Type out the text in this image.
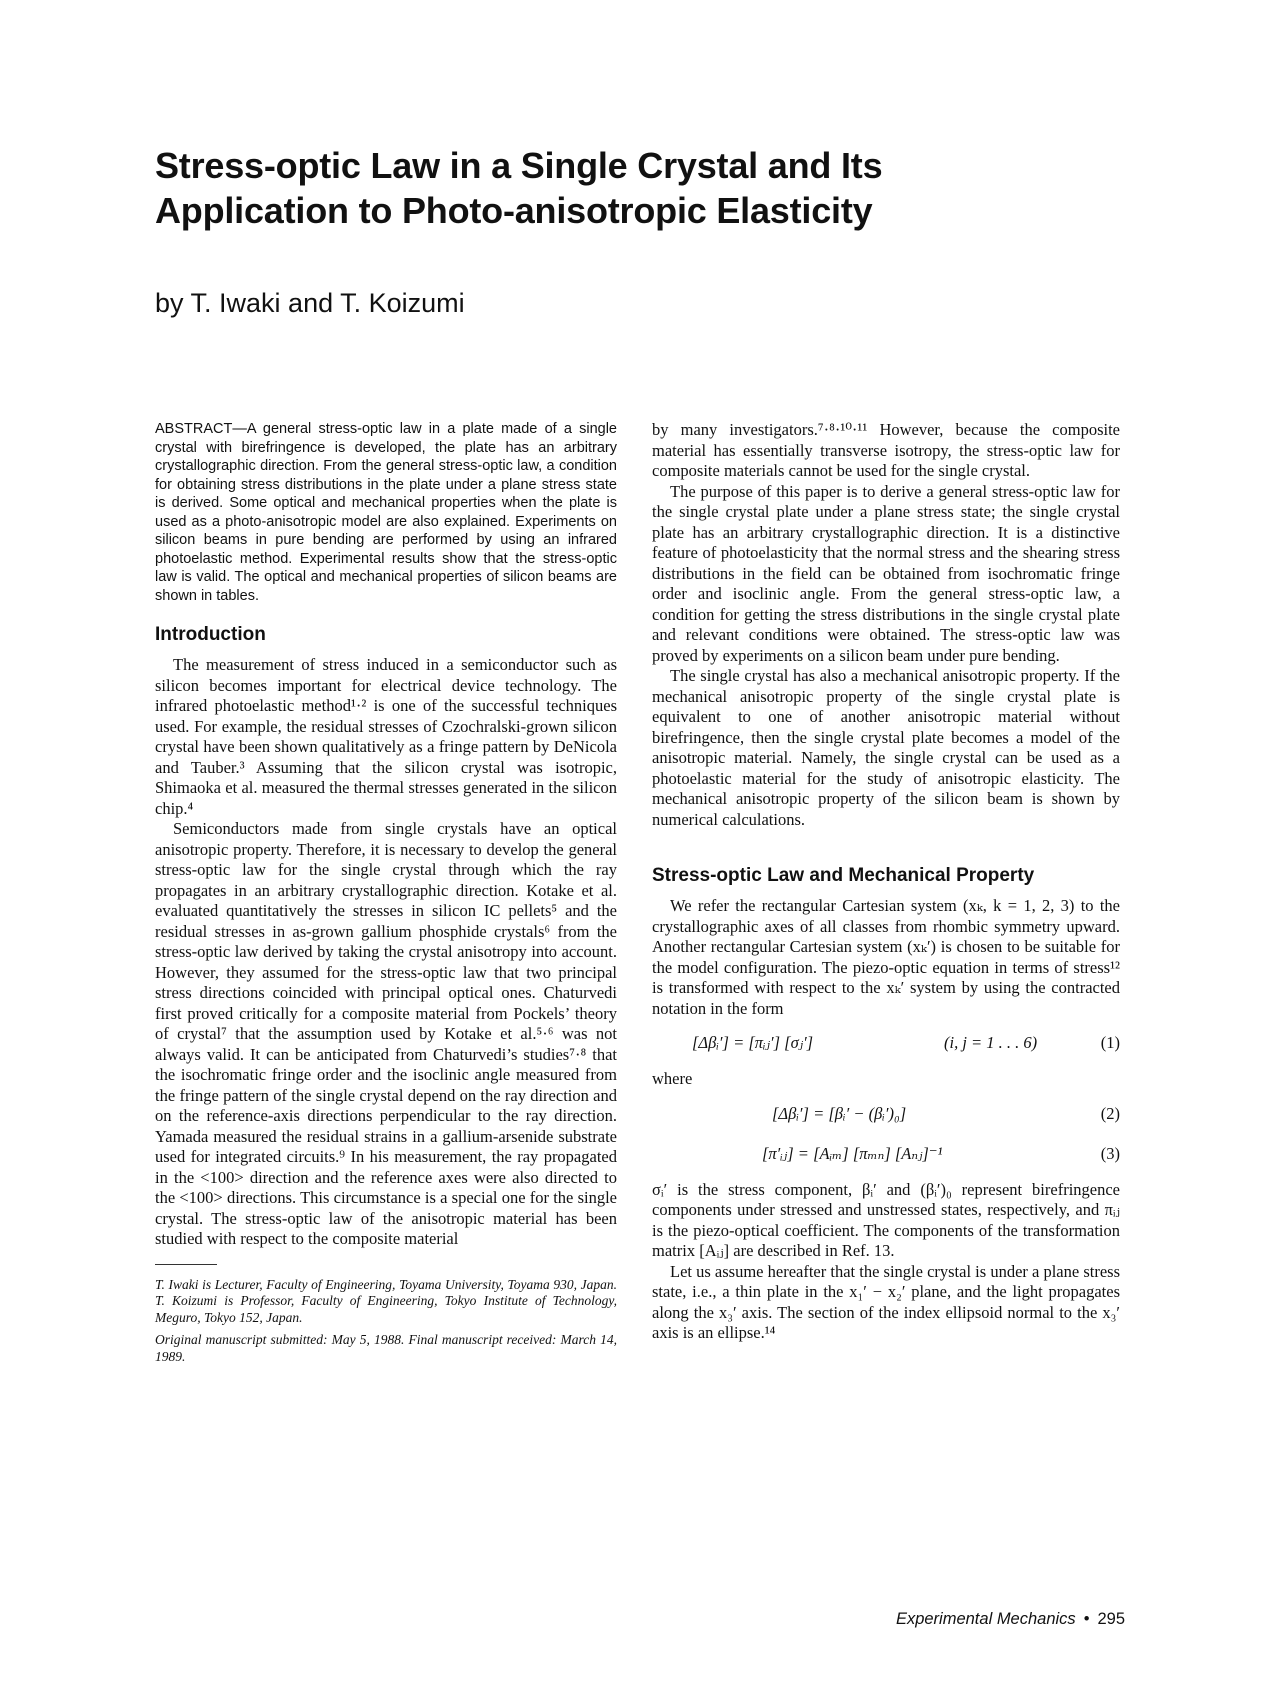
Stress-optic Law in a Single Crystal and Its
Application to Photo-anisotropic Elasticity

by T. Iwaki and T. Koizumi

ABSTRACT—A general stress-optic law in a plate made of a single crystal with birefringence is developed, the plate has an arbitrary crystallographic direction. From the general stress-optic law, a condition for obtaining stress distributions in the plate under a plane stress state is derived. Some optical and mechanical properties when the plate is used as a photo-anisotropic model are also explained. Experiments on silicon beams in pure bending are performed by using an infrared photoelastic method. Experimental results show that the stress-optic law is valid. The optical and mechanical properties of silicon beams are shown in tables.

Introduction

The measurement of stress induced in a semiconductor such as silicon becomes important for electrical device technology. The infrared photoelastic method¹·² is one of the successful techniques used. For example, the residual stresses of Czochralski-grown silicon crystal have been shown qualitatively as a fringe pattern by DeNicola and Tauber.³ Assuming that the silicon crystal was isotropic, Shimaoka et al. measured the thermal stresses generated in the silicon chip.⁴

Semiconductors made from single crystals have an optical anisotropic property. Therefore, it is necessary to develop the general stress-optic law for the single crystal through which the ray propagates in an arbitrary crystallographic direction. Kotake et al. evaluated quantitatively the stresses in silicon IC pellets⁵ and the residual stresses in as-grown gallium phosphide crystals⁶ from the stress-optic law derived by taking the crystal anisotropy into account. However, they assumed for the stress-optic law that two principal stress directions coincided with principal optical ones. Chaturvedi first proved critically for a composite material from Pockels’ theory of crystal⁷ that the assumption used by Kotake et al.⁵·⁶ was not always valid. It can be anticipated from Chaturvedi’s studies⁷·⁸ that the isochromatic fringe order and the isoclinic angle measured from the fringe pattern of the single crystal depend on the ray direction and on the reference-axis directions perpendicular to the ray direction. Yamada measured the residual strains in a gallium-arsenide substrate used for integrated circuits.⁹ In his measurement, the ray propagated in the <100> direction and the reference axes were also directed to the <100> directions. This circumstance is a special one for the single crystal. The stress-optic law of the anisotropic material has been studied with respect to the composite material

T. Iwaki is Lecturer, Faculty of Engineering, Toyama University, Toyama 930, Japan. T. Koizumi is Professor, Faculty of Engineering, Tokyo Institute of Technology, Meguro, Tokyo 152, Japan.

Original manuscript submitted: May 5, 1988. Final manuscript received: March 14, 1989.

by many investigators.⁷·⁸·¹⁰·¹¹ However, because the composite material has essentially transverse isotropy, the stress-optic law for composite materials cannot be used for the single crystal.

The purpose of this paper is to derive a general stress-optic law for the single crystal plate under a plane stress state; the single crystal plate has an arbitrary crystallographic direction. It is a distinctive feature of photoelasticity that the normal stress and the shearing stress distributions in the field can be obtained from isochromatic fringe order and isoclinic angle. From the general stress-optic law, a condition for getting the stress distributions in the single crystal plate and relevant conditions were obtained. The stress-optic law was proved by experiments on a silicon beam under pure bending.

The single crystal has also a mechanical anisotropic property. If the mechanical anisotropic property of the single crystal plate is equivalent to one of another anisotropic material without birefringence, then the single crystal plate becomes a model of the anisotropic material. Namely, the single crystal can be used as a photoelastic material for the study of anisotropic elasticity. The mechanical anisotropic property of the silicon beam is shown by numerical calculations.

Stress-optic Law and Mechanical Property

We refer the rectangular Cartesian system (xₖ, k = 1, 2, 3) to the crystallographic axes of all classes from rhombic symmetry upward. Another rectangular Cartesian system (xₖ′) is chosen to be suitable for the model configuration. The piezo-optic equation in terms of stress¹² is transformed with respect to the xₖ′ system by using the contracted notation in the form

[Δβᵢ′] = [πᵢⱼ′] [σⱼ′]	(i, j = 1 . . . 6)	(1)

where

[Δβᵢ′] = [βᵢ′ − (βᵢ′)₀]	(2)
[π′ᵢⱼ] = [Aᵢₘ] [πₘₙ] [Aₙⱼ]⁻¹	(3)

σᵢ′ is the stress component, βᵢ′ and (βᵢ′)₀ represent birefringence components under stressed and unstressed states, respectively, and πᵢⱼ is the piezo-optical coefficient. The components of the transformation matrix [Aᵢⱼ] are described in Ref. 13.

Let us assume hereafter that the single crystal is under a plane stress state, i.e., a thin plate in the x₁′ − x₂′ plane, and the light propagates along the x₃′ axis. The section of the index ellipsoid normal to the x₃′ axis is an ellipse.¹⁴

Experimental Mechanics • 295
